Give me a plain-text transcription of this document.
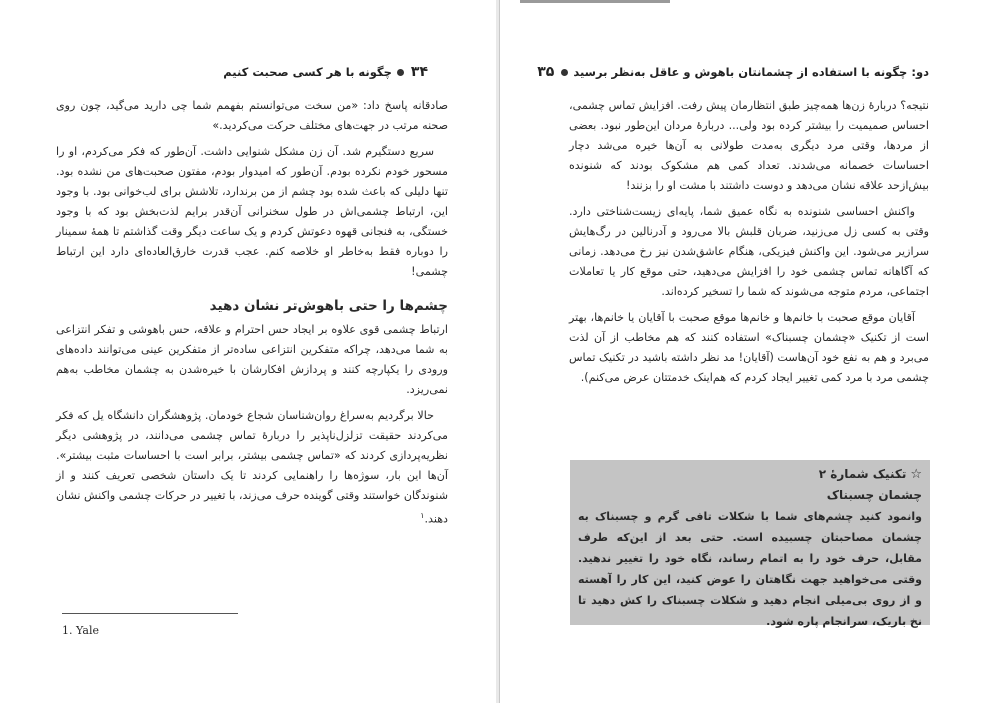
۳۴چگونه با هر کسی صحبت کنیم

صادقانه پاسخ داد: «من سخت می‌توانستم بفهمم شما چی دارید می‌گید، چون روی صحنه مرتب در جهت‌های مختلف حرکت می‌کردید.»

سریع دستگیرم شد. آن زن مشکل شنوایی داشت. آن‌طور که فکر می‌کردم، او را مسحور خودم نکرده بودم. آن‌طور که امیدوار بودم، مفتون صحبت‌های من نشده بود. تنها دلیلی که باعث شده بود چشم از من برندارد، تلاشش برای لب‌خوانی بود. با وجود این، ارتباط چشمی‌اش در طول سخنرانی آن‌قدر برایم لذت‌بخش بود که با وجود خستگی، به فنجانی قهوه دعوتش کردم و یک ساعت دیگر وقت گذاشتم تا همهٔ سمینار را دوباره فقط به‌خاطر او خلاصه کنم. عجب قدرت خارق‌العاده‌ای دارد این ارتباط چشمی!

چشم‌ها را حتی باهوش‌تر نشان دهید

ارتباط چشمی قوی علاوه بر ایجاد حس احترام و علاقه، حس باهوشی و تفکر انتزاعی به شما می‌دهد، چراکه متفکرین انتزاعی ساده‌تر از متفکرین عینی می‌توانند داده‌های ورودی را یکپارچه کنند و پردازش افکارشان با خیره‌شدن به چشمان مخاطب به‌هم نمی‌ریزد.

حالا برگردیم به‌سراغ روان‌شناسان شجاع خودمان. پژوهشگران دانشگاه یل که فکر می‌کردند حقیقت تزلزل‌ناپذیر را دربارهٔ تماس چشمی می‌دانند، در پژوهشی دیگر نظریه‌پردازی کردند که «تماس چشمی بیشتر، برابر است با احساسات مثبت بیشتر». آن‌ها این بار، سوژه‌ها را راهنمایی کردند تا یک داستان شخصی تعریف کنند و از شنوندگان خواستند وقتی گوینده حرف می‌زند، با تغییر در حرکات چشمی واکنش نشان دهند.$^۱$

1. Yale
دو: چگونه با استفاده از چشمانتان باهوش و عاقل به‌نظر برسید۳۵

نتیجه؟ دربارهٔ زن‌ها همه‌چیز طبق انتظارمان پیش رفت. افزایش تماس چشمی، احساس صمیمیت را بیشتر کرده بود ولی... دربارهٔ مردان این‌طور نبود. بعضی از مردها، وقتی مرد دیگری به‌مدت طولانی به آن‌ها خیره می‌شد دچار احساسات خصمانه می‌شدند. تعداد کمی هم مشکوک بودند که شنونده بیش‌ازحد علاقه نشان می‌دهد و دوست داشتند با مشت او را بزنند!

واکنش احساسی شنونده به نگاه عمیق شما، پایه‌ای زیست‌شناختی دارد. وقتی به کسی زل می‌زنید، ضربان قلبش بالا می‌رود و آدرنالین در رگ‌هایش سرازیر می‌شود. این واکنش فیزیکی، هنگام عاشق‌شدن نیز رخ می‌دهد. زمانی که آگاهانه تماس چشمی خود را افزایش می‌دهید، حتی موقع کار یا تعاملات اجتماعی، مردم متوجه می‌شوند که شما را تسخیر کرده‌اند.

آقایان موقع صحبت با خانم‌ها و خانم‌ها موقع صحبت با آقایان یا خانم‌ها، بهتر است از تکنیک «چشمان چسبناک» استفاده کنند که هم مخاطب از آن لذت می‌برد و هم به نفع خود آن‌هاست (آقایان! مد نظر داشته باشید در تکنیک تماس چشمی مرد با مرد کمی تغییر ایجاد کردم که هم‌اینک خدمتتان عرض می‌کنم).

☆تکنیک شمارهٔ ۲
چشمان چسبناک
وانمود کنید چشم‌های شما با شکلات تافی گرم و چسبناک به چشمان مصاحبتان چسبیده است. حتی بعد از این‌که طرف مقابل، حرف خود را به اتمام رساند، نگاه خود را تغییر ندهید. وقتی می‌خواهید جهت نگاهتان را عوض کنید، این کار را آهسته و از روی بی‌میلی انجام دهید و شکلات چسبناک را کش دهید تا نخ باریک، سرانجام پاره شود.
